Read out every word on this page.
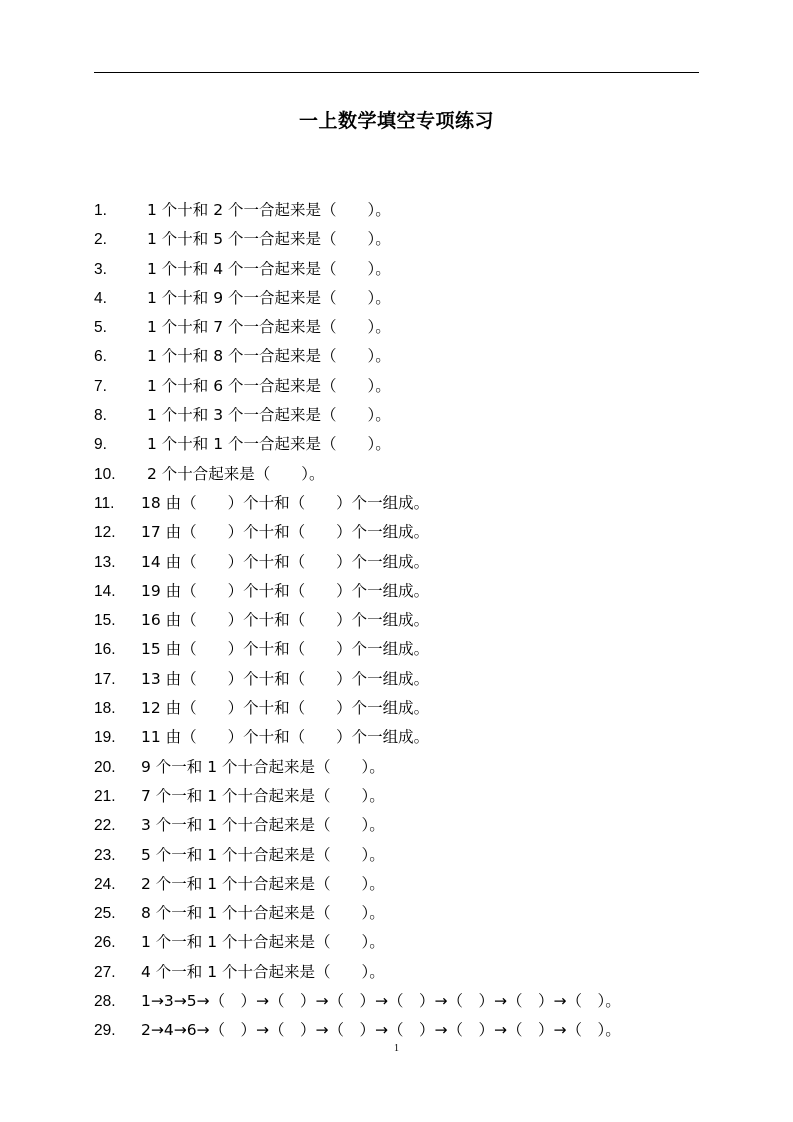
一上数学填空专项练习
1.	1 个十和 2 个一合起来是（　　）。
2.	1 个十和 5 个一合起来是（　　）。
3.	1 个十和 4 个一合起来是（　　）。
4.	1 个十和 9 个一合起来是（　　）。
5.	1 个十和 7 个一合起来是（　　）。
6.	1 个十和 8 个一合起来是（　　）。
7.	1 个十和 6 个一合起来是（　　）。
8.	1 个十和 3 个一合起来是（　　）。
9.	1 个十和 1 个一合起来是（　　）。
10. 2 个十合起来是（　　）。
11. 18 由（　　）个十和（　　）个一组成。
12. 17 由（　　）个十和（　　）个一组成。
13. 14 由（　　）个十和（　　）个一组成。
14. 19 由（　　）个十和（　　）个一组成。
15. 16 由（　　）个十和（　　）个一组成。
16. 15 由（　　）个十和（　　）个一组成。
17. 13 由（　　）个十和（　　）个一组成。
18. 12 由（　　）个十和（　　）个一组成。
19. 11 由（　　）个十和（　　）个一组成。
20. 9 个一和 1 个十合起来是（　　）。
21. 7 个一和 1 个十合起来是（　　）。
22. 3 个一和 1 个十合起来是（　　）。
23. 5 个一和 1 个十合起来是（　　）。
24. 2 个一和 1 个十合起来是（　　）。
25. 8 个一和 1 个十合起来是（　　）。
26. 1 个一和 1 个十合起来是（　　）。
27. 4 个一和 1 个十合起来是（　　）。
28. 1→3→5→（　）→（　）→（　）→（　）→（　）→（　）→（　）。
29. 2→4→6→（　）→（　）→（　）→（　）→（　）→（　）→（　）。
1
